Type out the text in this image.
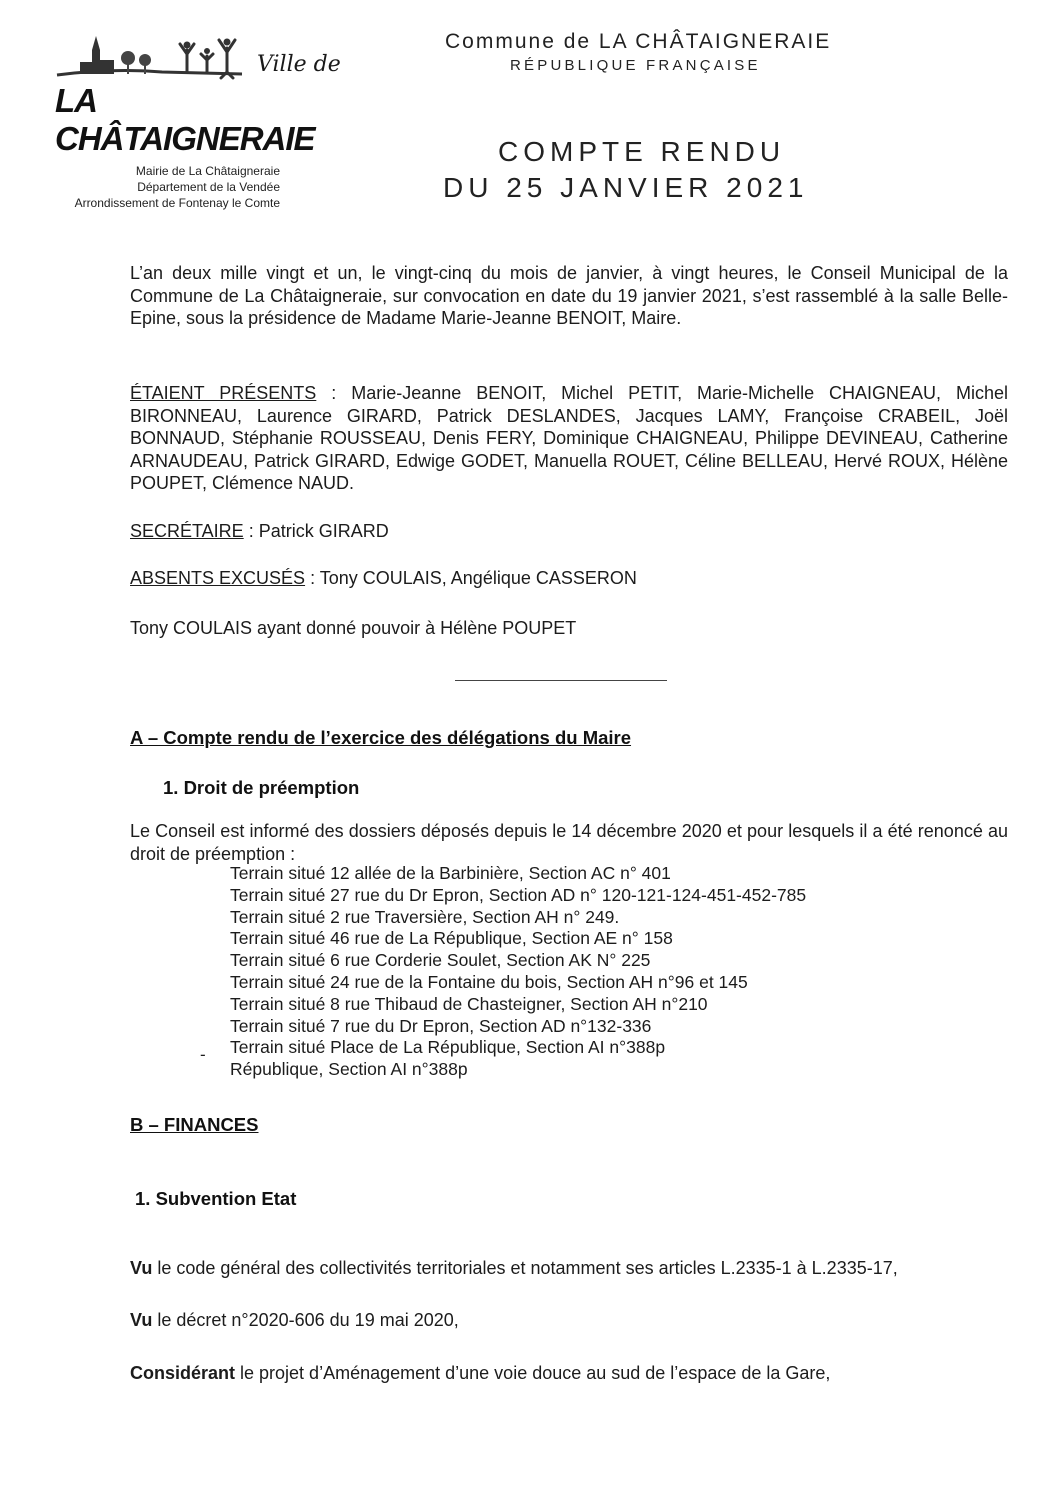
Ville de
LA CHÂTAIGNERAIE
Mairie de La Châtaigneraie
Département de la Vendée
Arrondissement de Fontenay le Comte
Commune de LA CHÂTAIGNERAIE
RÉPUBLIQUE FRANÇAISE
COMPTE RENDU
DU 25 JANVIER 2021
L’an deux mille vingt et un, le vingt-cinq du mois de janvier, à vingt heures, le Conseil Municipal de la Commune de La Châtaigneraie, sur convocation en date du 19 janvier 2021, s’est rassemblé à la salle Belle-Epine, sous la présidence de Madame Marie-Jeanne BENOIT, Maire.
ÉTAIENT PRÉSENTS : Marie-Jeanne BENOIT, Michel PETIT, Marie-Michelle CHAIGNEAU, Michel BIRONNEAU, Laurence GIRARD, Patrick DESLANDES, Jacques LAMY, Françoise CRABEIL, Joël BONNAUD, Stéphanie ROUSSEAU, Denis FERY, Dominique CHAIGNEAU, Philippe DEVINEAU, Catherine ARNAUDEAU, Patrick GIRARD, Edwige GODET, Manuella ROUET, Céline BELLEAU, Hervé ROUX, Hélène POUPET, Clémence NAUD.
SECRÉTAIRE : Patrick GIRARD
ABSENTS EXCUSÉS : Tony COULAIS, Angélique CASSERON
Tony COULAIS ayant donné pouvoir à Hélène POUPET
A – Compte rendu de l’exercice des délégations du Maire
1. Droit de préemption
Le Conseil est informé des dossiers déposés depuis le 14 décembre 2020 et pour lesquels il a été renoncé au droit de préemption :
Terrain situé 12 allée de la Barbinière, Section AC n° 401
Terrain situé 27 rue du Dr Epron, Section AD n° 120-121-124-451-452-785
Terrain situé 2 rue Traversière, Section AH n° 249.
Terrain situé 46 rue de La République, Section AE n° 158
Terrain situé 6 rue Corderie Soulet, Section AK N° 225
Terrain situé 24 rue de la Fontaine du bois, Section AH n°96 et 145
Terrain situé 8 rue Thibaud de Chasteigner, Section AH n°210
Terrain situé 7 rue du Dr Epron, Section AD n°132-336
Terrain situé Place de La République, Section AI n°388p
République, Section AI n°388p
-
B – FINANCES
1. Subvention Etat
Vu le code général des collectivités territoriales et notamment ses articles L.2335-1 à L.2335-17,
Vu le décret n°2020-606 du 19 mai 2020,
Considérant le projet d’Aménagement d’une voie douce au sud de l’espace de la Gare,
